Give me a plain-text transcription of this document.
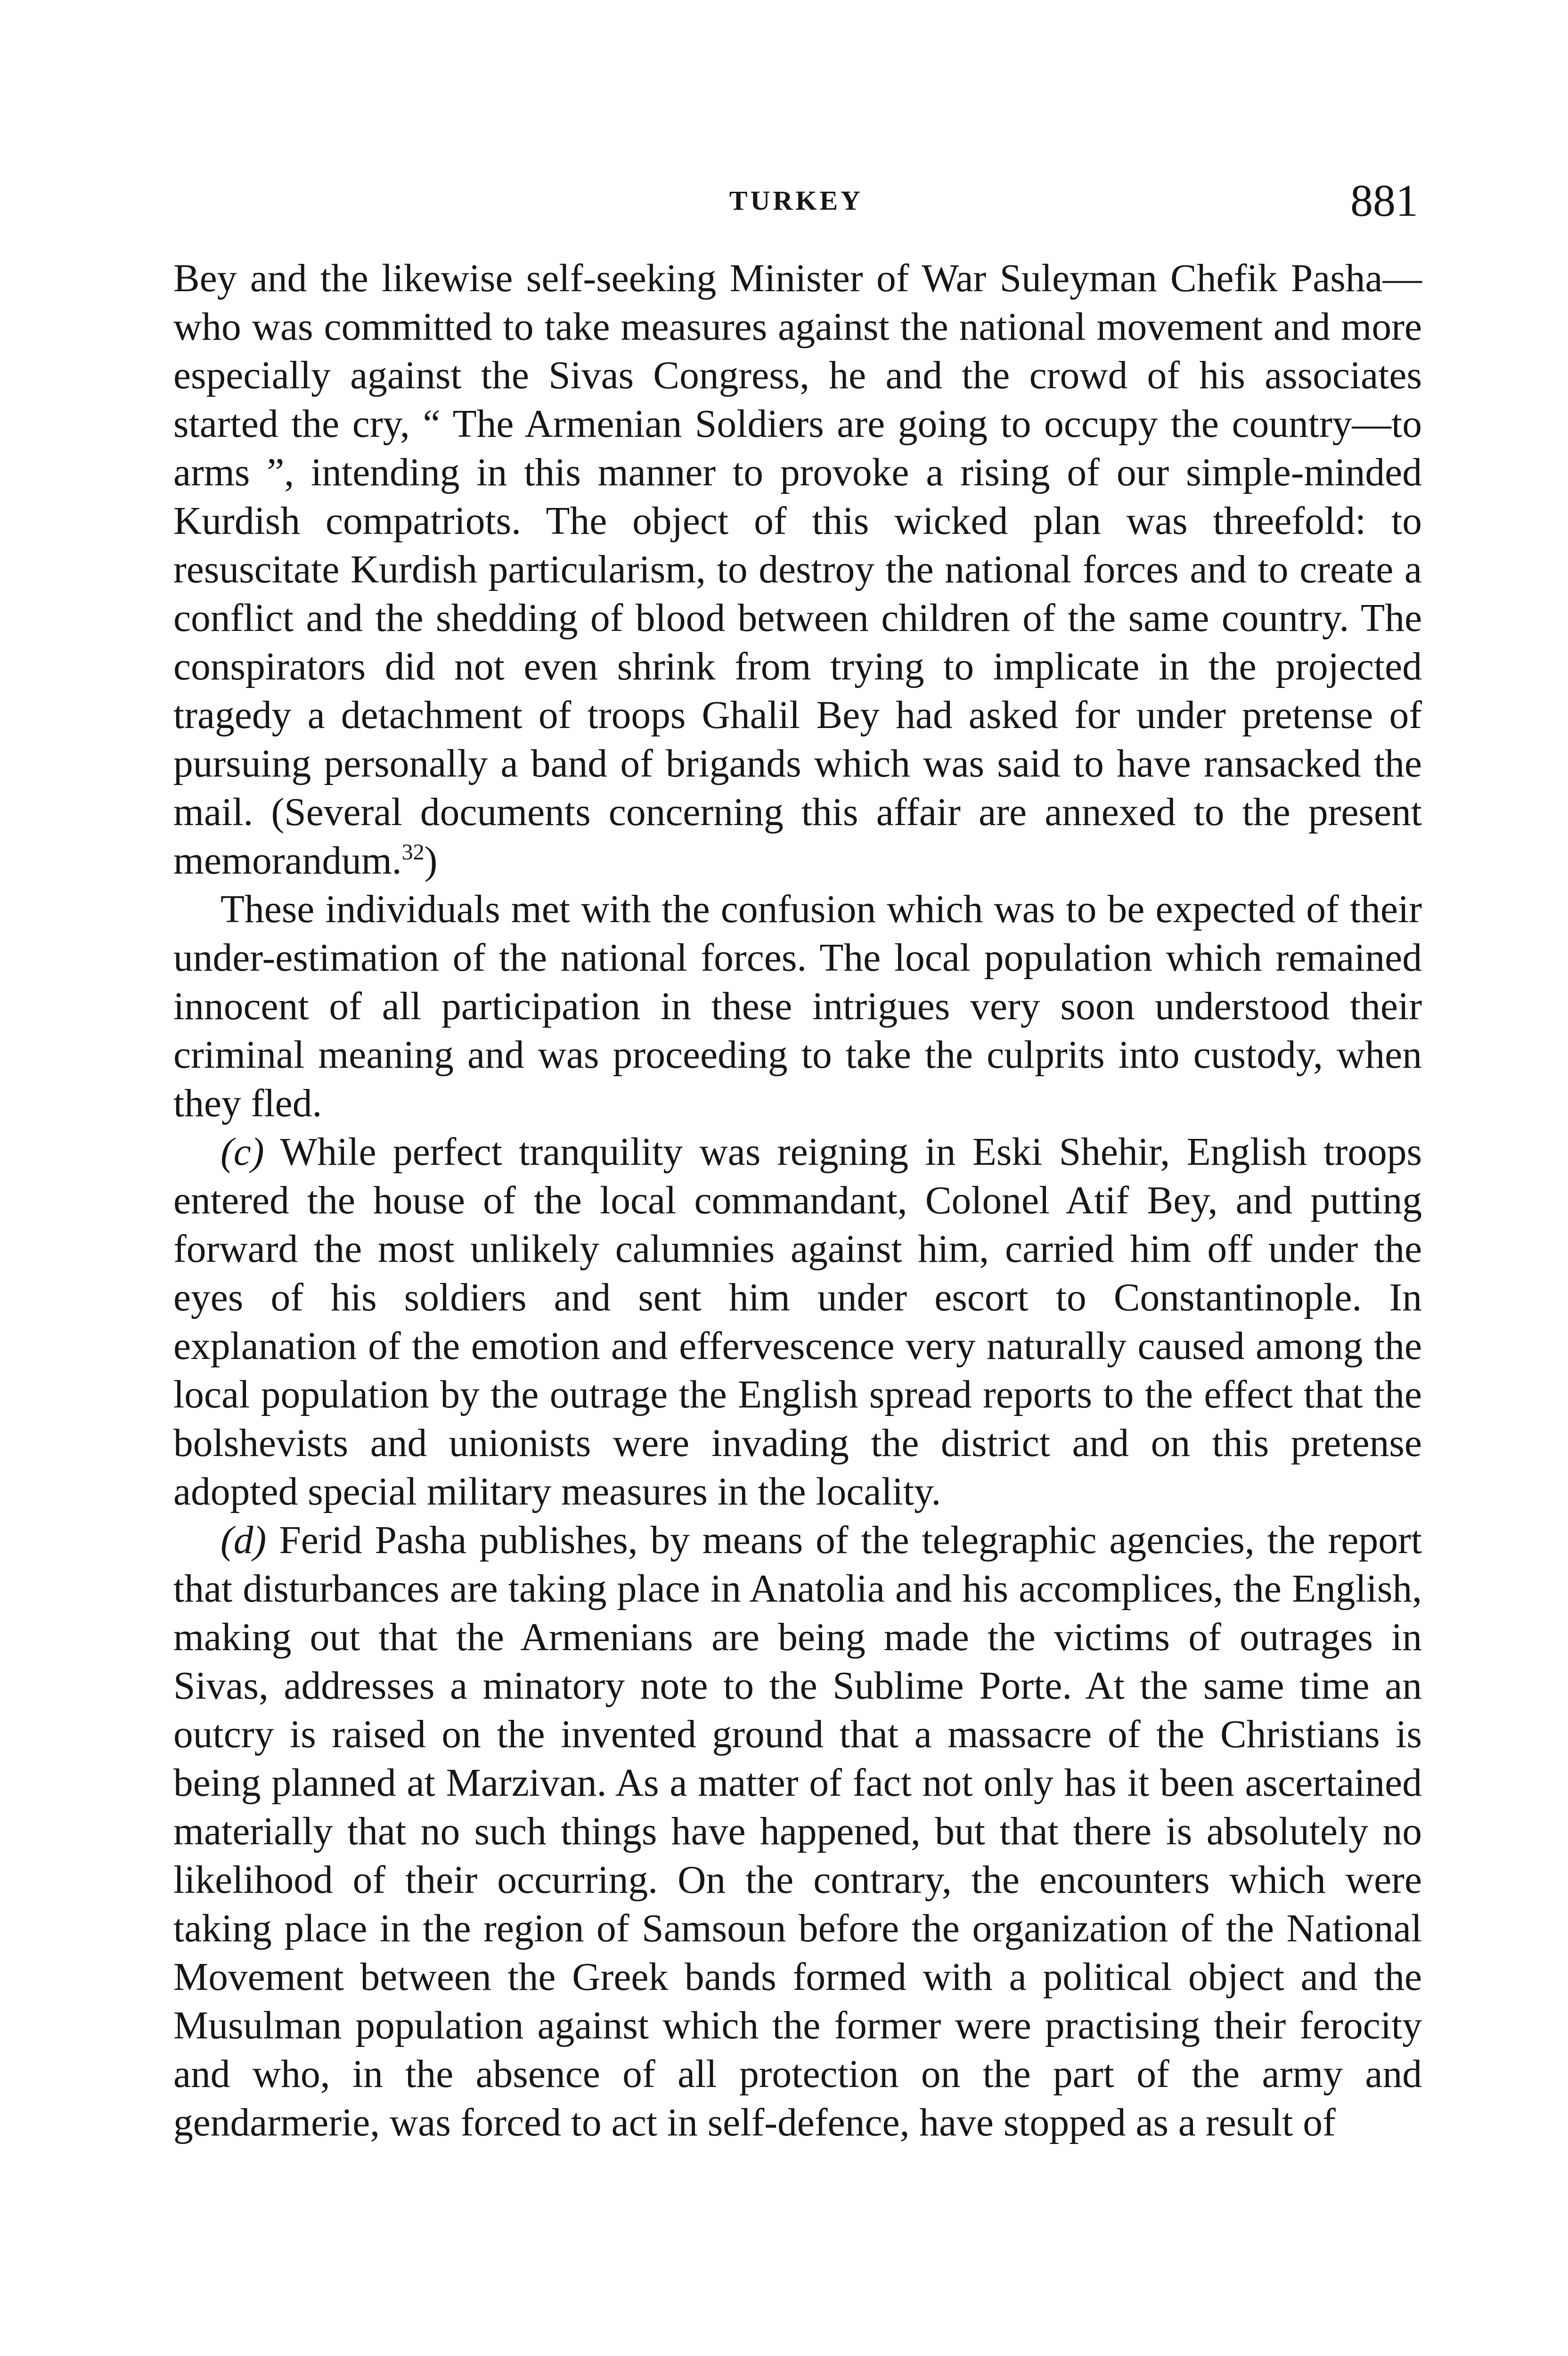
TURKEY	881

Bey and the likewise self-seeking Minister of War Suleyman Chefik Pasha—who was committed to take measures against the national movement and more especially against the Sivas Congress, he and the crowd of his associates started the cry, “ The Armenian Soldiers are going to occupy the country—to arms ”, intending in this manner to provoke a rising of our simple-minded Kurdish compatriots. The object of this wicked plan was threefold: to resuscitate Kurdish particularism, to destroy the national forces and to create a conflict and the shedding of blood between children of the same country. The conspirators did not even shrink from trying to implicate in the projected tragedy a detachment of troops Ghalil Bey had asked for under pretense of pursuing personally a band of brigands which was said to have ransacked the mail. (Several documents concerning this affair are annexed to the present memorandum.$^{32}$)

These individuals met with the confusion which was to be expected of their under-estimation of the national forces. The local population which remained innocent of all participation in these intrigues very soon understood their criminal meaning and was proceeding to take the culprits into custody, when they fled.

(c) While perfect tranquility was reigning in Eski Shehir, English troops entered the house of the local commandant, Colonel Atif Bey, and putting forward the most unlikely calumnies against him, carried him off under the eyes of his soldiers and sent him under escort to Constantinople. In explanation of the emotion and effervescence very naturally caused among the local population by the outrage the English spread reports to the effect that the bolshevists and unionists were invading the district and on this pretense adopted special military measures in the locality.

(d) Ferid Pasha publishes, by means of the telegraphic agencies, the report that disturbances are taking place in Anatolia and his accomplices, the English, making out that the Armenians are being made the victims of outrages in Sivas, addresses a minatory note to the Sublime Porte. At the same time an outcry is raised on the invented ground that a massacre of the Christians is being planned at Marzivan. As a matter of fact not only has it been ascertained materially that no such things have happened, but that there is absolutely no likelihood of their occurring. On the contrary, the encounters which were taking place in the region of Samsoun before the organization of the National Movement between the Greek bands formed with a political object and the Musulman population against which the former were practising their ferocity and who, in the absence of all protection on the part of the army and gendarmerie, was forced to act in self-defence, have stopped as a result of
